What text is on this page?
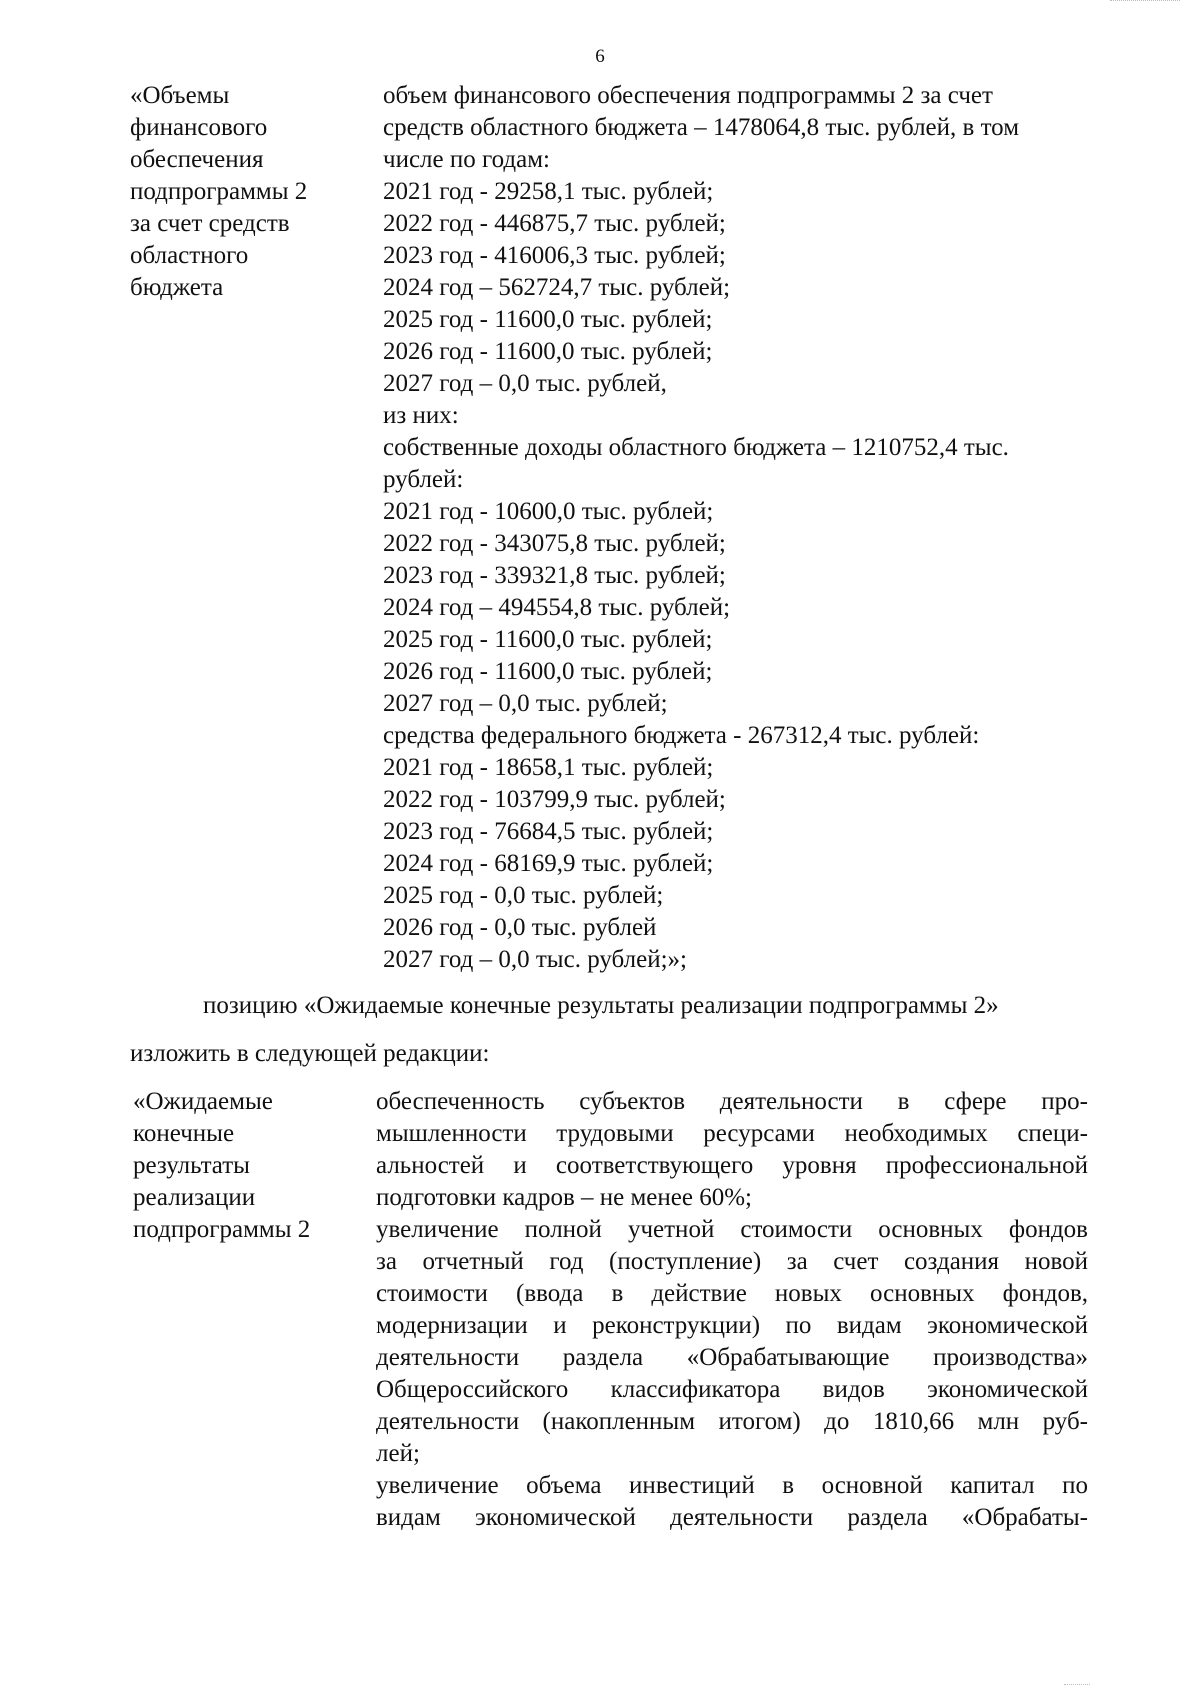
6
«Объемы
финансового
обеспечения
подпрограммы 2
за счет средств
областного
бюджета
объем финансового обеспечения подпрограммы 2 за счет
средств областного бюджета – 1478064,8 тыс. рублей, в том
числе по годам:
2021 год - 29258,1 тыс. рублей;
2022 год - 446875,7 тыс. рублей;
2023 год - 416006,3 тыс. рублей;
2024 год – 562724,7 тыс. рублей;
2025 год - 11600,0 тыс. рублей;
2026 год - 11600,0 тыс. рублей;
2027 год – 0,0 тыс. рублей,
из них:
собственные доходы областного бюджета – 1210752,4 тыс.
рублей:
2021 год - 10600,0 тыс. рублей;
2022 год - 343075,8 тыс. рублей;
2023 год - 339321,8 тыс. рублей;
2024 год – 494554,8 тыс. рублей;
2025 год - 11600,0 тыс. рублей;
2026 год - 11600,0 тыс. рублей;
2027 год – 0,0 тыс. рублей;
средства федерального бюджета - 267312,4 тыс. рублей:
2021 год - 18658,1 тыс. рублей;
2022 год - 103799,9 тыс. рублей;
2023 год - 76684,5 тыс. рублей;
2024 год - 68169,9 тыс. рублей;
2025 год - 0,0 тыс. рублей;
2026 год - 0,0 тыс. рублей
2027 год – 0,0 тыс. рублей;»;
позицию «Ожидаемые конечные результаты реализации подпрограммы 2»
изложить в следующей редакции:
«Ожидаемые
конечные
результаты
реализации
подпрограммы 2
обеспеченность субъектов деятельности в сфере про-
мышленности трудовыми ресурсами необходимых специ-
альностей и соответствующего уровня профессиональной
подготовки кадров – не менее 60%;
увеличение полной учетной стоимости основных фондов
за отчетный год (поступление) за счет создания новой
стоимости (ввода в действие новых основных фондов,
модернизации и реконструкции) по видам экономической
деятельности раздела «Обрабатывающие производства»
Общероссийского классификатора видов экономической
деятельности (накопленным итогом) до 1810,66 млн руб-
лей;
увеличение объема инвестиций в основной капитал по
видам экономической деятельности раздела «Обрабаты-
